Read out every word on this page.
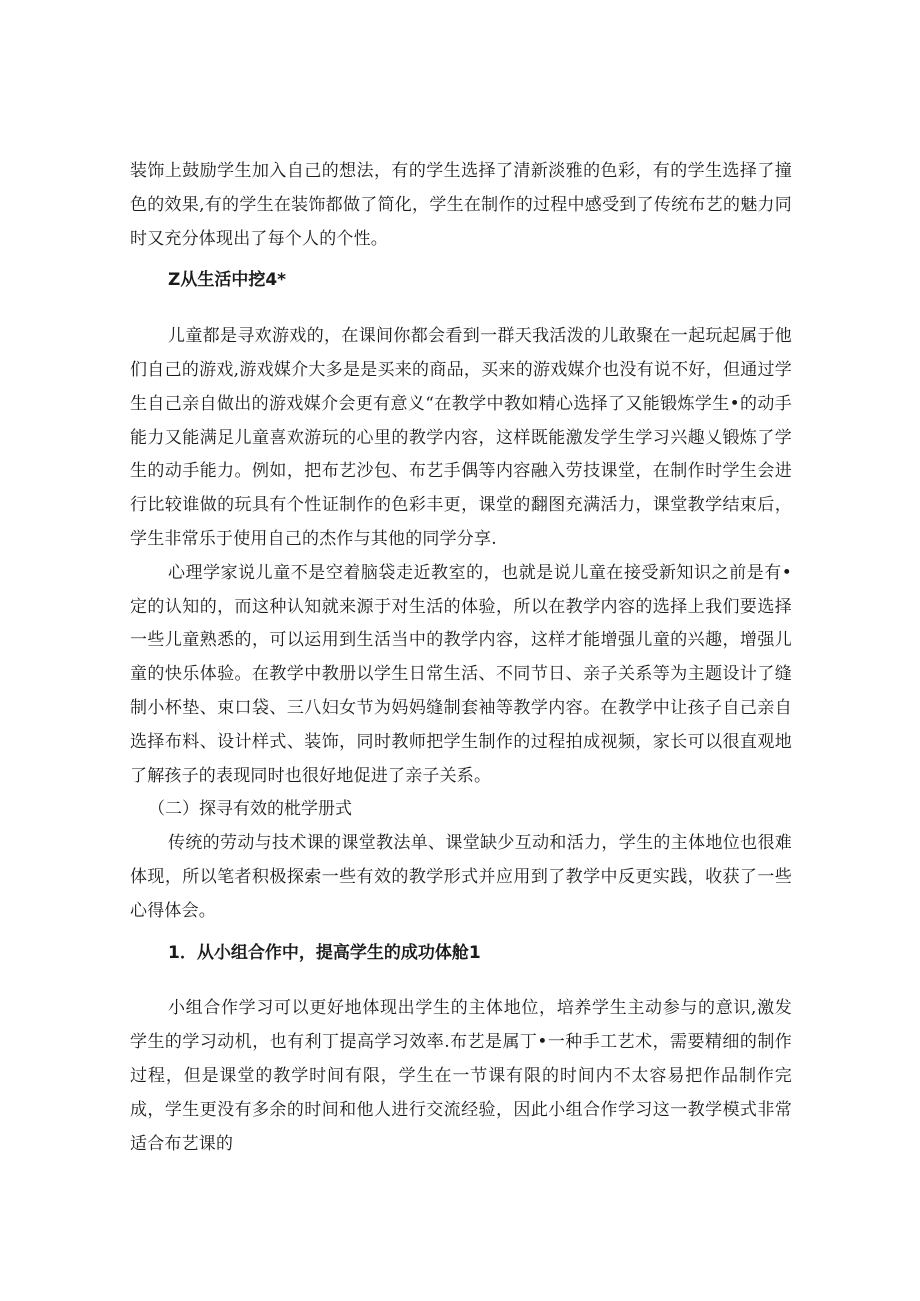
装饰上鼓励学生加入自己的想法，有的学生选择了清新淡雅的色彩，有的学生选择了撞色的效果,有的学生在装饰都做了简化，学生在制作的过程中感受到了传统布艺的魅力同时又充分体现出了每个人的个性。

Z从生活中挖4*

儿童都是寻欢游戏的，在课间你都会看到一群天我活泼的儿敢聚在一起玩起属于他们自己的游戏,游戏媒介大多是是买来的商品，买来的游戏媒介也没有说不好，但通过学生自己亲自做出的游戏媒介会更有意义“在教学中教如精心选择了又能锻炼学生•的动手能力又能满足儿童喜欢游玩的心里的教学内容，这样既能激发学生学习兴趣乂锻炼了学生的动手能力。例如，把布艺沙包、布艺手偶等内容融入劳技课堂，在制作时学生会进行比较谁做的玩具有个性证制作的色彩丰更，课堂的翻图充满活力，课堂教学结束后，学生非常乐于使用自己的杰作与其他的同学分享.

心理学家说儿童不是空着脑袋走近教室的，也就是说儿童在接受新知识之前是有•定的认知的，而这种认知就来源于对生活的体验，所以在教学内容的选择上我们要选择一些儿童熟悉的，可以运用到生活当中的教学内容，这样才能增强儿童的兴趣，增强儿童的快乐体验。在教学中教册以学生日常生活、不同节日、亲子关系等为主题设计了缝制小杯垫、束口袋、三八妇女节为妈妈缝制套袖等教学内容。在教学中让孩子自己亲自选择布料、设计样式、装饰，同时教师把学生制作的过程拍成视频，家长可以很直观地了解孩子的表现同时也很好地促进了亲子关系。

（二）探寻有效的枇学册式

传统的劳动与技术课的课堂教法单、课堂缺少互动和活力，学生的主体地位也很难体现，所以笔者积极探索一些有效的教学形式并应用到了教学中反更实践，收获了一些心得体会。

1．从小组合作中，提高学生的成功体舱1

小组合作学习可以更好地体现出学生的主体地位，培养学生主动参与的意识,激发学生的学习动机，也有利丁提高学习效率.布艺是属丁•一种手工艺术，需要精细的制作过程，但是课堂的教学时间有限，学生在一节课有限的时间内不太容易把作品制作完成，学生更没有多余的时间和他人进行交流经验，因此小组合作学习这一教学模式非常适合布艺课的
